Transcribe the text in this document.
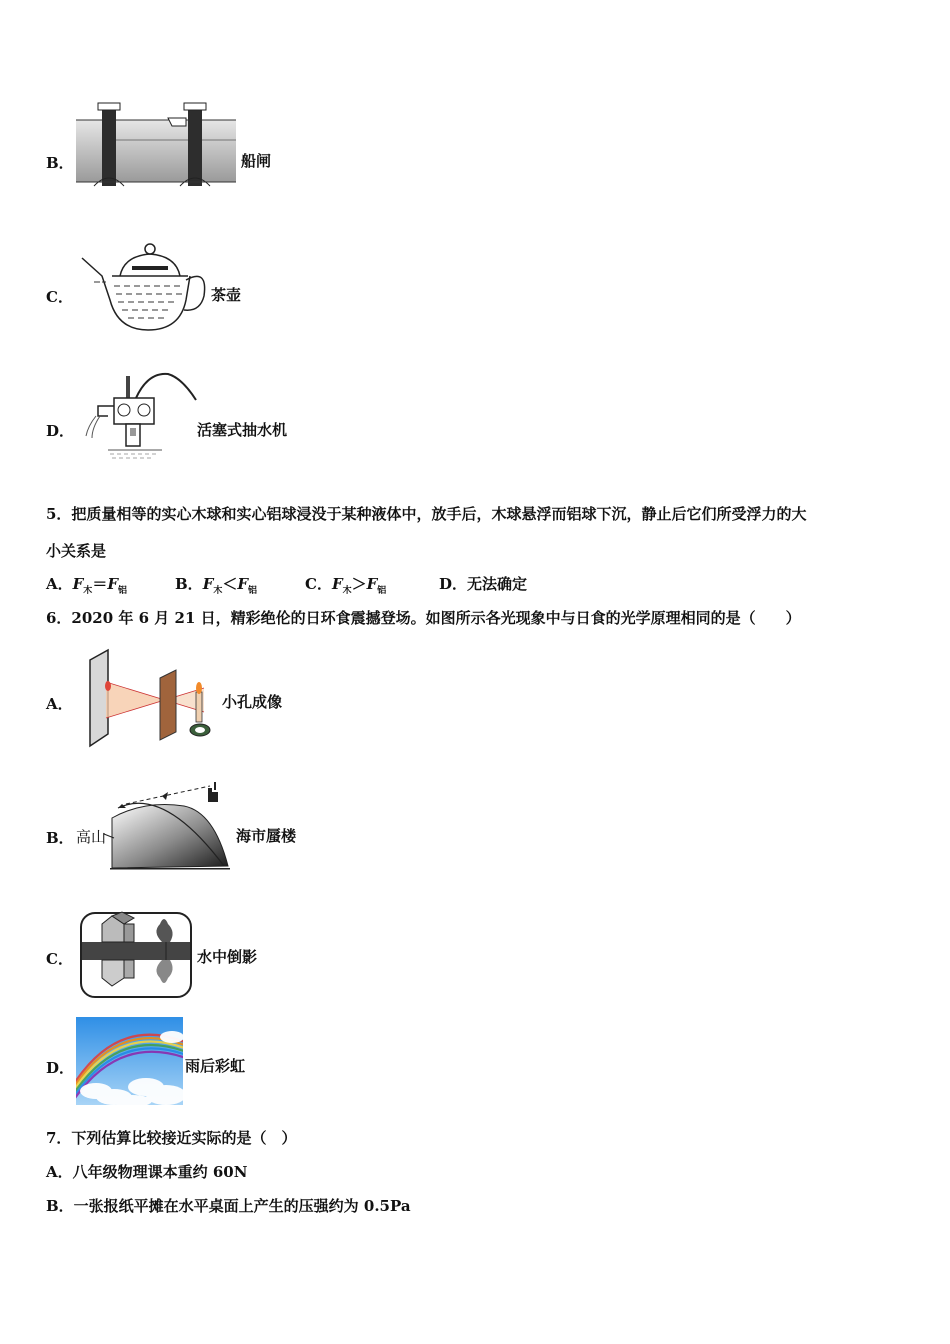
B．	船闸
C．	茶壶
D．	活塞式抽水机
5．把质量相等的实心木球和实心铝球浸没于某种液体中，放手后，木球悬浮而铝球下沉，静止后它们所受浮力的大
小关系是
A．$F_木=F_铝$	B．$F_木<F_铝$	C．$F_木>F_铝$	D．无法确定
6．2020 年 6 月 21 日，精彩绝伦的日环食震撼登场。如图所示各光现象中与日食的光学原理相同的是（　　）
A．	小孔成像
B． 高山	海市蜃楼
C．	水中倒影
D．	雨后彩虹
7．下列估算比较接近实际的是（　）
A．八年级物理课本重约 60N
B．一张报纸平摊在水平桌面上产生的压强约为 0.5Pa
